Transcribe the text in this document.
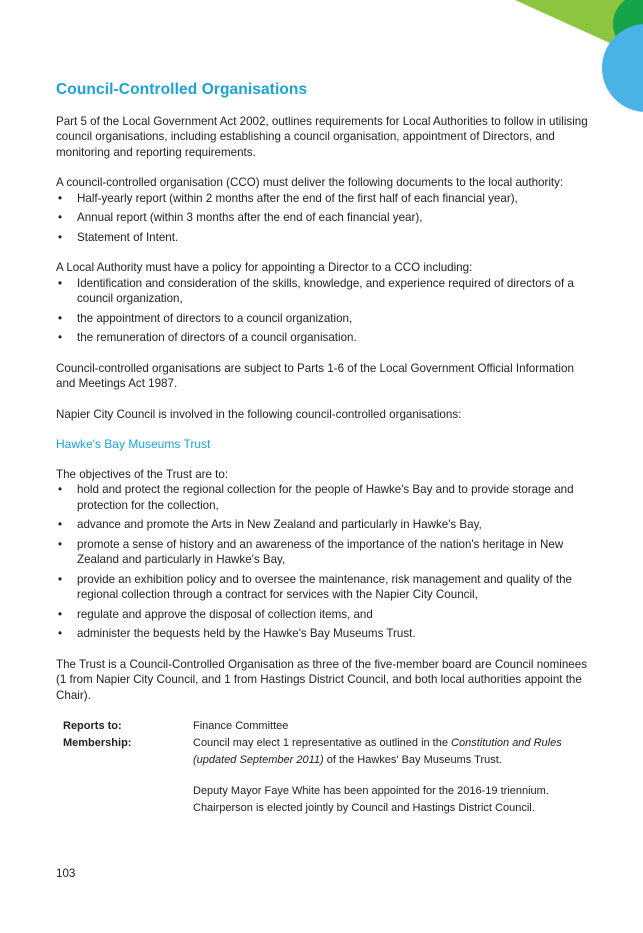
Council-Controlled Organisations

Part 5 of the Local Government Act 2002, outlines requirements for Local Authorities to follow in utilising council organisations, including establishing a council organisation, appointment of Directors, and monitoring and reporting requirements.

A council-controlled organisation (CCO) must deliver the following documents to the local authority:

• Half-yearly report (within 2 months after the end of the first half of each financial year),
• Annual report (within 3 months after the end of each financial year),
• Statement of Intent.

A Local Authority must have a policy for appointing a Director to a CCO including:

• Identification and consideration of the skills, knowledge, and experience required of directors of a council organization,
• the appointment of directors to a council organization,
• the remuneration of directors of a council organisation.

Council-controlled organisations are subject to Parts 1-6 of the Local Government Official Information and Meetings Act 1987.

Napier City Council is involved in the following council-controlled organisations:

Hawke's Bay Museums Trust

The objectives of the Trust are to:

• hold and protect the regional collection for the people of Hawke's Bay and to provide storage and protection for the collection,
• advance and promote the Arts in New Zealand and particularly in Hawke's Bay,
• promote a sense of history and an awareness of the importance of the nation's heritage in New Zealand and particularly in Hawke's Bay,
• provide an exhibition policy and to oversee the maintenance, risk management and quality of the regional collection through a contract for services with the Napier City Council,
• regulate and approve the disposal of collection items, and
• administer the bequests held by the Hawke's Bay Museums Trust.

The Trust is a Council-Controlled Organisation as three of the five-member board are Council nominees (1 from Napier City Council, and 1 from Hastings District Council, and both local authorities appoint the Chair).

Reports to:	Finance Committee
Membership:	Council may elect 1 representative as outlined in the Constitution and Rules (updated September 2011) of the Hawkes' Bay Museums Trust.
Deputy Mayor Faye White has been appointed for the 2016-19 triennium.
Chairperson is elected jointly by Council and Hastings District Council.
103
